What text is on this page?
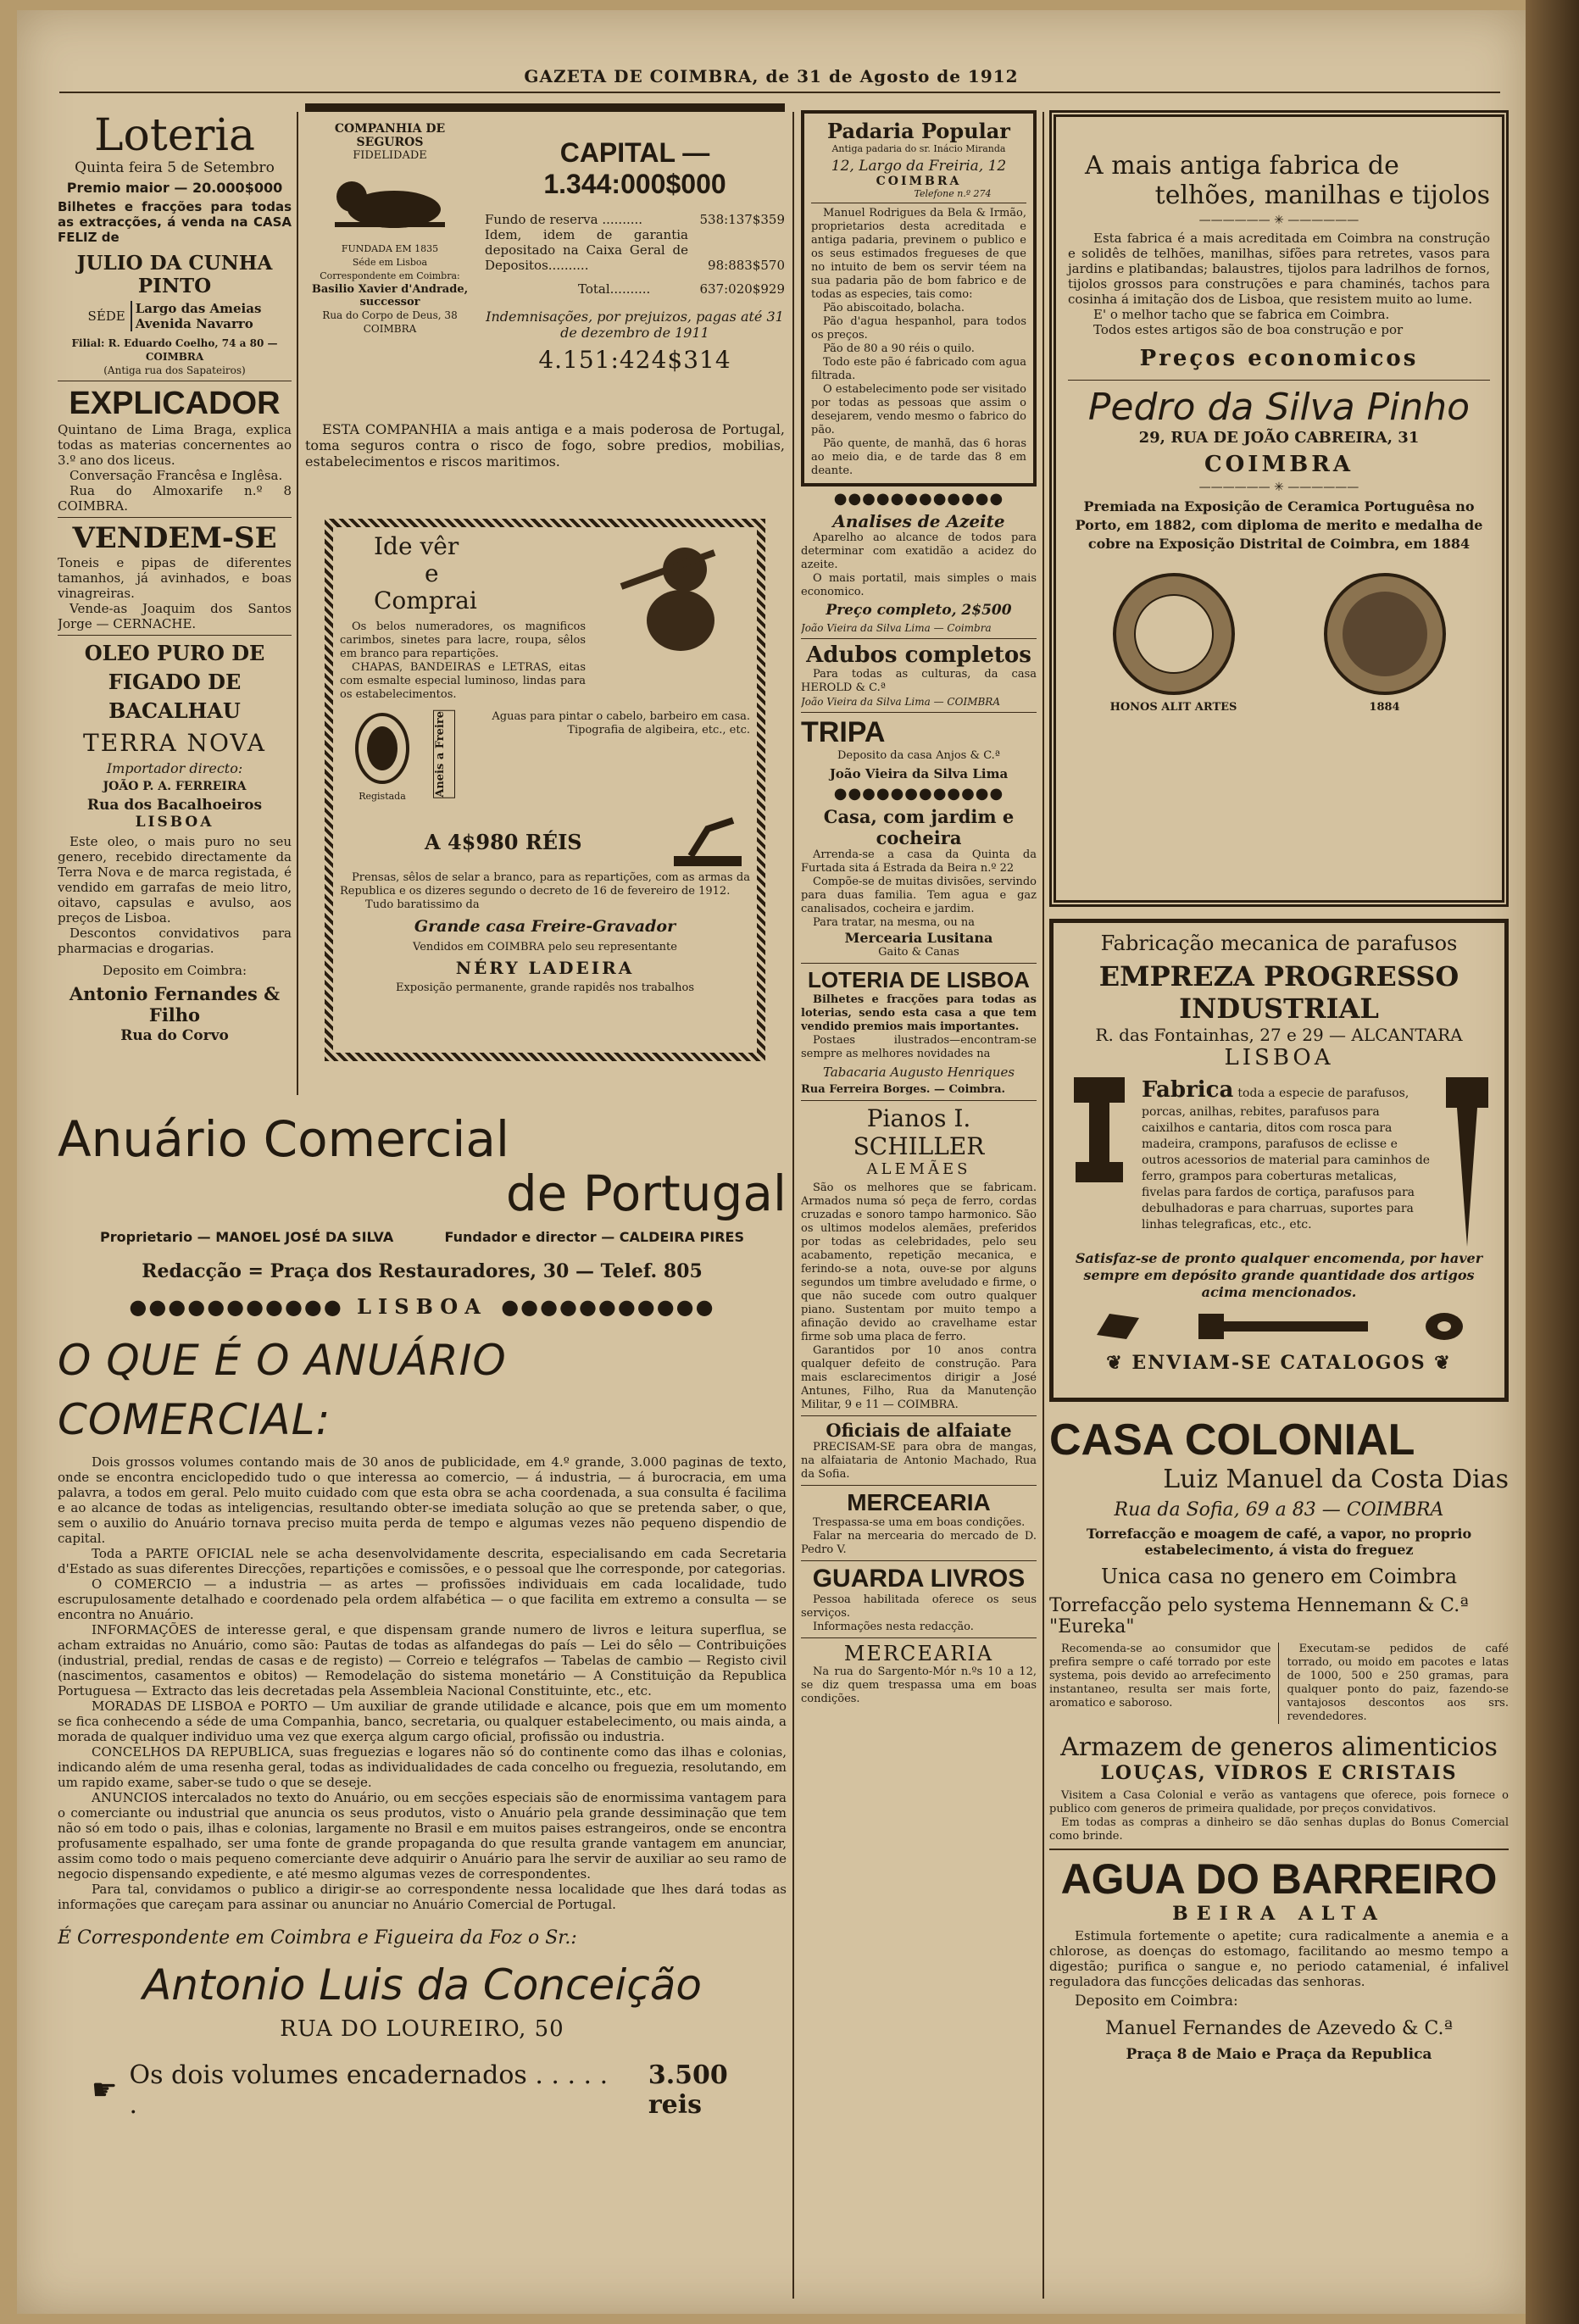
GAZETA DE COIMBRA, de 31 de Agosto de 1912
Loteria
Quinta feira 5 de Setembro
Premio maior — 20.000$000

Bilhetes e fracções para todas as extracções, á venda na CASA FELIZ de

JULIO DA CUNHA PINTO
SÉDE Largo das Ameias
Avenida Navarro
Filial: R. Eduardo Coelho, 74 a 80 — COIMBRA
(Antiga rua dos Sapateiros)
EXPLICADOR

Quintano de Lima Braga, explica todas as materias concernentes ao 3.º ano dos liceus.

Conversação Francêsa e Inglêsa.

Rua do Almoxarife n.º 8 COIMBRA.

VENDEM-SE

Toneis e pipas de diferentes tamanhos, já avinhados, e boas vinagreiras.

Vende-as Joaquim dos Santos Jorge — CERNACHE.

OLEO PURO DE FIGADO DE BACALHAU
TERRA NOVA
Importador directo:
JOÃO P. A. FERREIRA
Rua dos Bacalhoeiros
LISBOA

Este oleo, o mais puro no seu genero, recebido directamente da Terra Nova e de marca registada, é vendido em garrafas de meio litro, oitavo, capsulas e avulso, aos preços de Lisboa.

Descontos convidativos para pharmacias e drogarias.

Deposito em Coimbra:
Antonio Fernandes & Filho
Rua do Corvo
COMPANHIA DE SEGUROS
FIDELIDADE
FUNDADA EM 1835
Séde em Lisboa
Correspondente em Coimbra:
Basilio Xavier d'Andrade, successor
Rua do Corpo de Deus, 38
COIMBRA
CAPITAL — 1.344:000$000
Fundo de reserva ..........	538:137$359
Idem, idem de garantia depositado na Caixa Geral de Depositos..........	98:883$570
Total..........	637:020$929
Indemnisações, por prejuizos, pagas até 31 de dezembro de 1911
4.151:424$314

ESTA COMPANHIA a mais antiga e a mais poderosa de Portugal, toma seguros contra o risco de fogo, sobre predios, mobilias, estabelecimentos e riscos maritimos.

Ide vêr
e
Comprai

Os belos numeradores, os magnificos carimbos, sinetes para lacre, roupa, sêlos em branco para repartições.

CHAPAS, BANDEIRAS e LETRAS, eitas com esmalte especial luminoso, lindas para os estabelecimentos.

Registada	Aneis a Freire	Aguas para pintar o cabelo, barbeiro em casa.

Tipografia de algibeira, etc., etc.

A 4$980 RÉIS

Prensas, sêlos de selar a branco, para as repartições, com as armas da Republica e os dizeres segundo o decreto de 16 de fevereiro de 1912.

Tudo baratissimo da

Grande casa Freire-Gravador
Vendidos em COIMBRA pelo seu representante
NÉRY LADEIRA
Exposição permanente, grande rapidês nos trabalhos
Anuário Comercial
de Portugal
Proprietario — MANOEL JOSÉ DA SILVA	Fundador e director — CALDEIRA PIRES
Redacção = Praça dos Restauradores, 30 — Telef. 805
●●●●●●●●●●● LISBOA ●●●●●●●●●●●
O QUE É O ANUÁRIO COMERCIAL:

Dois grossos volumes contando mais de 30 anos de publicidade, em 4.º grande, 3.000 paginas de texto, onde se encontra enciclopedido tudo o que interessa ao comercio, — á industria, — á burocracia, em uma palavra, a todos em geral. Pelo muito cuidado com que esta obra se acha coordenada, a sua consulta é facilima e ao alcance de todas as inteligencias, resultando obter-se imediata solução ao que se pretenda saber, o que, sem o auxilio do Anuário tornava preciso muita perda de tempo e algumas vezes não pequeno dispendio de capital.

Toda a PARTE OFICIAL nele se acha desenvolvidamente descrita, especialisando em cada Secretaria d'Estado as suas diferentes Direcções, repartições e comissões, e o pessoal que lhe corresponde, por categorias.

O COMERCIO — a industria — as artes — profissões individuais em cada localidade, tudo escrupulosamente detalhado e coordenado pela ordem alfabética — o que facilita em extremo a consulta — se encontra no Anuário.

INFORMAÇÕES de interesse geral, e que dispensam grande numero de livros e leitura superflua, se acham extraidas no Anuário, como são: Pautas de todas as alfandegas do país — Lei do sêlo — Contribuições (industrial, predial, rendas de casas e de registo) — Correio e telégrafos — Tabelas de cambio — Registo civil (nascimentos, casamentos e obitos) — Remodelação do sistema monetário — A Constituição da Republica Portuguesa — Extracto das leis decretadas pela Assembleia Nacional Constituinte, etc., etc.

MORADAS DE LISBOA e PORTO — Um auxiliar de grande utilidade e alcance, pois que em um momento se fica conhecendo a séde de uma Companhia, banco, secretaria, ou qualquer estabelecimento, ou mais ainda, a morada de qualquer individuo uma vez que exerça algum cargo oficial, profissão ou industria.

CONCELHOS DA REPUBLICA, suas freguezias e logares não só do continente como das ilhas e colonias, indicando além de uma resenha geral, todas as individualidades de cada concelho ou freguezia, resolutando, em um rapido exame, saber-se tudo o que se deseje.

ANUNCIOS intercalados no texto do Anuário, ou em secções especiais são de enormissima vantagem para o comerciante ou industrial que anuncia os seus produtos, visto o Anuário pela grande dessiminação que tem não só em todo o pais, ilhas e colonias, largamente no Brasil e em muitos paises estrangeiros, onde se encontra profusamente espalhado, ser uma fonte de grande propaganda do que resulta grande vantagem em anunciar, assim como todo o mais pequeno comerciante deve adquirir o Anuário para lhe servir de auxiliar ao seu ramo de negocio dispensando expediente, e até mesmo algumas vezes de correspondentes.

Para tal, convidamos o publico a dirigir-se ao correspondente nessa localidade que lhes dará todas as informações que careçam para assinar ou anunciar no Anuário Comercial de Portugal.

É Correspondente em Coimbra e Figueira da Foz o Sr.:
Antonio Luis da Conceição
RUA DO LOUREIRO, 50
☛ Os dois volumes encadernados . . . . . .
3.500 reis
Padaria Popular
Antiga padaria do sr. Inácio Miranda
12, Largo da Freiria, 12
COIMBRA
Telefone n.º 274

Manuel Rodrigues da Bela & Irmão, proprietarios desta acreditada e antiga padaria, previnem o publico e os seus estimados fregueses de que no intuito de bem os servir téem na sua padaria pão de bom fabrico e de todas as especies, tais como:

Pão abiscoitado, bolacha.

Pão d'agua hespanhol, para todos os preços.

Pão de 80 a 90 réis o quilo.

Todo este pão é fabricado com agua filtrada.

O estabelecimento pode ser visitado por todas as pessoas que assim o desejarem, vendo mesmo o fabrico do pão.

Pão quente, de manhã, das 6 horas ao meio dia, e de tarde das 8 em deante.

●●●●●●●●●●●●
Analises de Azeite

Aparelho ao alcance de todos para determinar com exatidão a acidez do azeite.

O mais portatil, mais simples o mais economico.

Preço completo, 2$500
João Vieira da Silva Lima — Coimbra
Adubos completos

Para todas as culturas, da casa HEROLD & C.ª

João Vieira da Silva Lima — COIMBRA
TRIPA
Deposito da casa Anjos & C.ª
João Vieira da Silva Lima
●●●●●●●●●●●●
Casa, com jardim e cocheira

Arrenda-se a casa da Quinta da Furtada sita á Estrada da Beira n.º 22

Compõe-se de muitas divisões, servindo para duas familia. Tem agua e gaz canalisados, cocheira e jardim.

Para tratar, na mesma, ou na

Mercearia Lusitana
Gaito & Canas
LOTERIA DE LISBOA

Bilhetes e fracções para todas as loterias, sendo esta casa a que tem vendido premios mais importantes.

Postaes ilustrados—encontram-se sempre as melhores novidades na

Tabacaria Augusto Henriques
Rua Ferreira Borges. — Coimbra.
Pianos I. SCHILLER
ALEMÃES

São os melhores que se fabricam. Armados numa só peça de ferro, cordas cruzadas e sonoro tampo harmonico. São os ultimos modelos alemães, preferidos por todas as celebridades, pelo seu acabamento, repetição mecanica, e ferindo-se a nota, ouve-se por alguns segundos um timbre aveludado e firme, o que não sucede com outro qualquer piano. Sustentam por muito tempo a afinação devido ao cravelhame estar firme sob uma placa de ferro.

Garantidos por 10 anos contra qualquer defeito de construção. Para mais esclarecimentos dirigir a José Antunes, Filho, Rua da Manutenção Militar, 9 e 11 — COIMBRA.

Oficiais de alfaiate

PRECISAM-SE para obra de mangas, na alfaiataria de Antonio Machado, Rua da Sofia.

MERCEARIA

Trespassa-se uma em boas condições.

Falar na mercearia do mercado de D. Pedro V.

GUARDA LIVROS

Pessoa habilitada oferece os seus serviços.

Informações nesta redacção.

MERCEARIA

Na rua do Sargento-Mór n.ºs 10 a 12, se diz quem trespassa uma em boas condições.

A mais antiga fabrica de
telhões, manilhas e tijolos
—————— ✳ ——————

Esta fabrica é a mais acreditada em Coimbra na construção e solidês de telhões, manilhas, sifões para retretes, vasos para jardins e platibandas; balaustres, tijolos para ladrilhos de fornos, tijolos grossos para construções e para chaminés, tachos para cosinha á imitação dos de Lisboa, que resistem muito ao lume.

E' o melhor tacho que se fabrica em Coimbra.

Todos estes artigos são de boa construção e por

Preços economicos
Pedro da Silva Pinho
29, RUA DE JOÃO CABREIRA, 31
COIMBRA
—————— ✳ ——————
Premiada na Exposição de Ceramica Portuguêsa no Porto, em 1882, com diploma de merito e medalha de cobre na Exposição Distrital de Coimbra, em 1884
HONOS ALIT ARTES	1884
Fabricação mecanica de parafusos
EMPREZA PROGRESSO INDUSTRIAL
R. das Fontainhas, 27 e 29 — ALCANTARA
LISBOA
Fabrica toda a especie de parafusos, porcas, anilhas, rebites, parafusos para caixilhos e cantaria, ditos com rosca para madeira, crampons, parafusos de eclisse e outros acessorios de material para caminhos de ferro, grampos para coberturas metalicas, fivelas para fardos de cortiça, parafusos para debulhadoras e para charruas, suportes para linhas telegraficas, etc., etc.

Satisfaz-se de pronto qualquer encomenda, por haver sempre em depósito grande quantidade dos artigos acima mencionados.

❦ ENVIAM-SE CATALOGOS ❦
CASA COLONIAL
Luiz Manuel da Costa Dias
Rua da Sofia, 69 a 83 — COIMBRA
Torrefacção e moagem de café, a vapor, no proprio estabelecimento, á vista do freguez
Unica casa no genero em Coimbra
Torrefacção pelo systema Hennemann & C.ª "Eureka"

Recomenda-se ao consumidor que prefira sempre o café torrado por este systema, pois devido ao arrefecimento instantaneo, resulta ser mais forte, aromatico e saboroso.

Executam-se pedidos de café torrado, ou moido em pacotes e latas de 1000, 500 e 250 gramas, para qualquer ponto do paiz, fazendo-se vantajosos descontos aos srs. revendedores.

Armazem de generos alimenticios
LOUÇAS, VIDROS E CRISTAIS

Visitem a Casa Colonial e verão as vantagens que oferece, pois fornece o publico com generos de primeira qualidade, por preços convidativos.

Em todas as compras a dinheiro se dão senhas duplas do Bonus Comercial como brinde.

AGUA DO BARREIRO
BEIRA ALTA

Estimula fortemente o apetite; cura radicalmente a anemia e a chlorose, as doenças do estomago, facilitando ao mesmo tempo a digestão; purifica o sangue e, no periodo catamenial, é infalivel reguladora das funcções delicadas das senhoras.

Deposito em Coimbra:
Manuel Fernandes de Azevedo & C.ª
Praça 8 de Maio e Praça da Republica
